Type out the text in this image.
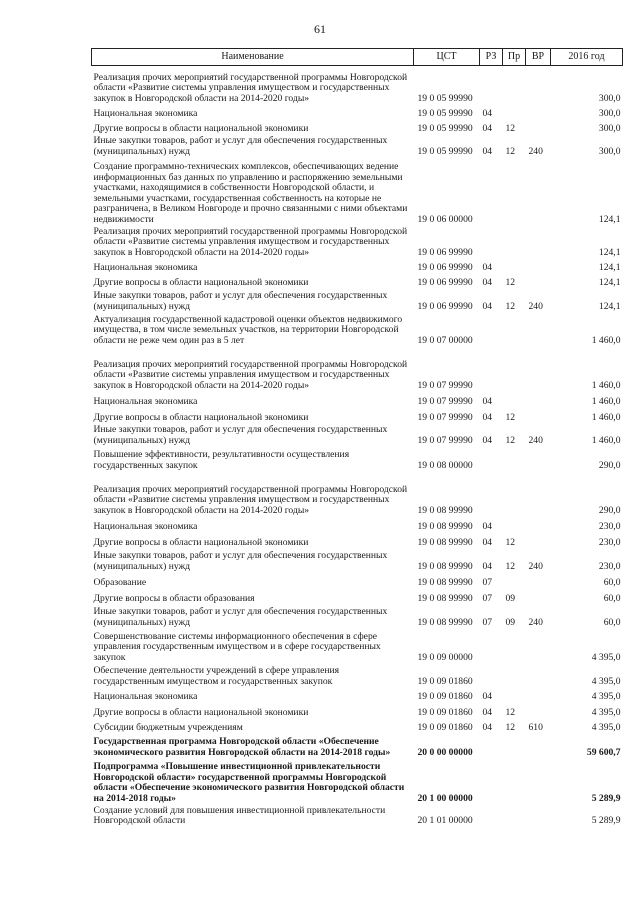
61
Наименование	ЦСТ	РЗ	Пр	ВР	2016 год
Реализация прочих мероприятий государственной программы Новгородской области «Развитие системы управления имуществом и государственных закупок в Новгородской области на 2014-2020 годы»	19 0 05 99990				300,0
Национальная экономика	19 0 05 99990	04			300,0
Другие вопросы в области национальной экономики	19 0 05 99990	04	12		300,0
Иные закупки товаров, работ и услуг для обеспечения государственных (муниципальных) нужд	19 0 05 99990	04	12	240	300,0
Создание программно-технических комплексов, обеспечивающих ведение информационных баз данных по управлению и распоряжению земельными участками, находящимися в собственности Новгородской области, и земельными участками, государственная собственность на которые не разграничена, в Великом Новгороде и прочно связанными с ними объектами недвижимости	19 0 06 00000				124,1
Реализация прочих мероприятий государственной программы Новгородской области «Развитие системы управления имуществом и государственных закупок в Новгородской области на 2014-2020 годы»	19 0 06 99990				124,1
Национальная экономика	19 0 06 99990	04			124,1
Другие вопросы в области национальной экономики	19 0 06 99990	04	12		124,1
Иные закупки товаров, работ и услуг для обеспечения государственных (муниципальных) нужд	19 0 06 99990	04	12	240	124,1
Актуализация государственной кадастровой оценки объектов недвижимого имущества, в том числе земельных участков, на территории Новгородской области не реже чем один раз в 5 лет	19 0 07 00000				1 460,0
Реализация прочих мероприятий государственной программы Новгородской области «Развитие системы управления имуществом и государственных закупок в Новгородской области на 2014-2020 годы»	19 0 07 99990				1 460,0
Национальная экономика	19 0 07 99990	04			1 460,0
Другие вопросы в области национальной экономики	19 0 07 99990	04	12		1 460,0
Иные закупки товаров, работ и услуг для обеспечения государственных (муниципальных) нужд	19 0 07 99990	04	12	240	1 460,0
Повышение эффективности, результативности осуществления государственных закупок	19 0 08 00000				290,0
Реализация прочих мероприятий государственной программы Новгородской области «Развитие системы управления имуществом и государственных закупок в Новгородской области на 2014-2020 годы»	19 0 08 99990				290,0
Национальная экономика	19 0 08 99990	04			230,0
Другие вопросы в области национальной экономики	19 0 08 99990	04	12		230,0
Иные закупки товаров, работ и услуг для обеспечения государственных (муниципальных) нужд	19 0 08 99990	04	12	240	230,0
Образование	19 0 08 99990	07			60,0
Другие вопросы в области образования	19 0 08 99990	07	09		60,0
Иные закупки товаров, работ и услуг для обеспечения государственных (муниципальных) нужд	19 0 08 99990	07	09	240	60,0
Совершенствование системы информационного обеспечения в сфере управления государственным имуществом и в сфере государственных закупок	19 0 09 00000				4 395,0
Обеспечение деятельности учреждений в сфере управления государственным имуществом и государственных закупок	19 0 09 01860				4 395,0
Национальная экономика	19 0 09 01860	04			4 395,0
Другие вопросы в области национальной экономики	19 0 09 01860	04	12		4 395,0
Субсидии бюджетным учреждениям	19 0 09 01860	04	12	610	4 395,0
Государственная программа Новгородской области «Обеспечение экономического развития Новгородской области на 2014-2018 годы»	20 0 00 00000				59 600,7
Подпрограмма «Повышение инвестиционной привлекательности Новгородской области» государственной программы Новгородской области «Обеспечение экономического развития Новгородской области на 2014-2018 годы»	20 1 00 00000				5 289,9
Создание условий для повышения инвестиционной привлекательности Новгородской области	20 1 01 00000				5 289,9
